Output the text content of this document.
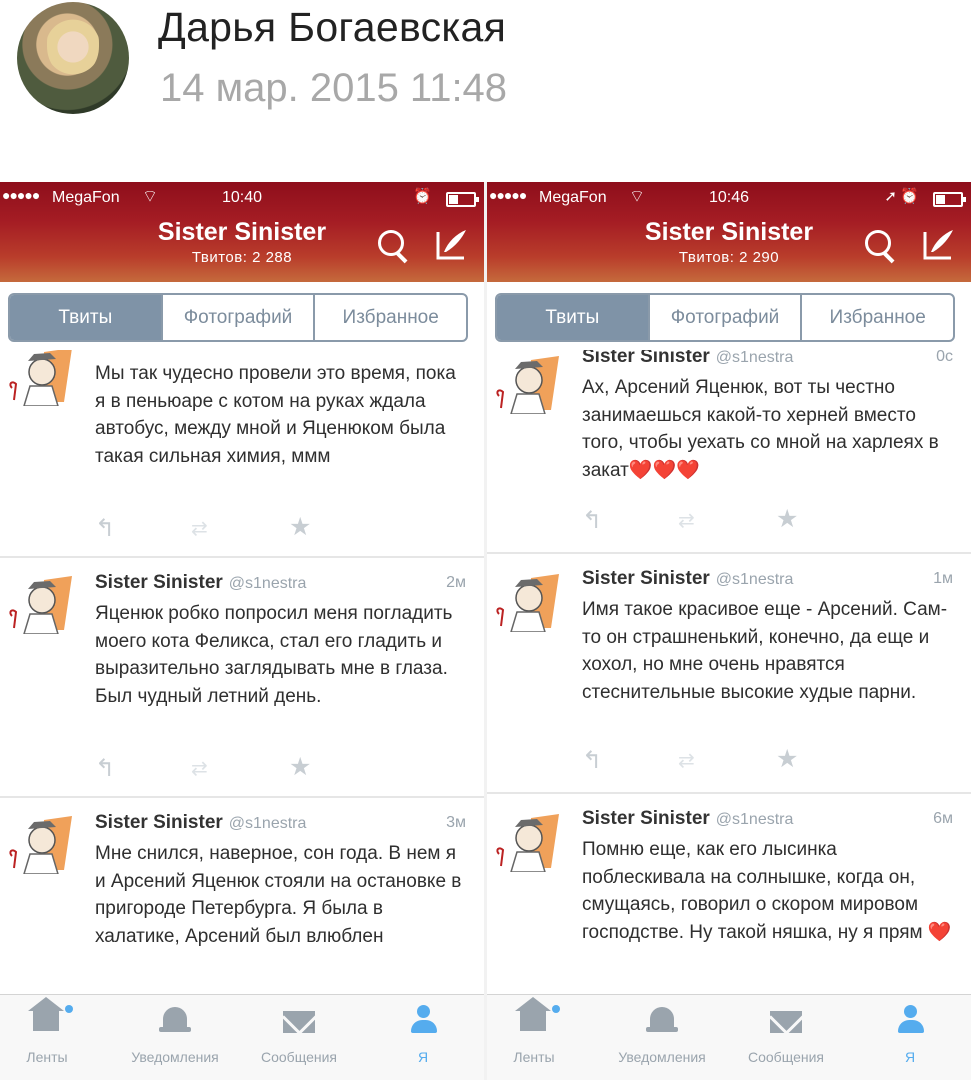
Дарья Богаевская
14 мар. 2015 11:48
●●●●● MegaFon ⌔	10:40	⏰
Sister Sinister
Твитов: 2 288
Твиты	Фотографий	Избранное
Мы так чудесно провели это время, пока я в пеньюаре с котом на руках ждала автобус, между мной и Яценюком была такая сильная химия, ммм
↰	⇄	★
Sister Sinister @s1nestra	2м
Яценюк робко попросил меня погладить моего кота Феликса, стал его гладить и выразительно заглядывать мне в глаза. Был чудный летний день.
↰	⇄	★
Sister Sinister @s1nestra	3м
Мне снился, наверное, сон года. В нем я и Арсений Яценюк стояли на остановке в пригороде Петербурга. Я была в халатике, Арсений был влюблен
Ленты	Уведомления	Сообщения	Я
●●●●● MegaFon ⌔	10:46	➚ ⏰
Sister Sinister
Твитов: 2 290
Твиты	Фотографий	Избранное
Sister Sinister @s1nestra	0с
Ах, Арсений Яценюк, вот ты честно занимаешься какой-то херней вместо того, чтобы уехать со мной на харлеях в закат❤️❤️❤️
↰	⇄	★
Sister Sinister @s1nestra	1м
Имя такое красивое еще - Арсений. Сам-то он страшненький, конечно, да еще и хохол, но мне очень нравятся стеснительные высокие худые парни.
↰	⇄	★
Sister Sinister @s1nestra	6м
Помню еще, как его лысинка поблескивала на солнышке, когда он, смущаясь, говорил о скором мировом господстве. Ну такой няшка, ну я прям ❤️
Ленты	Уведомления	Сообщения	Я
